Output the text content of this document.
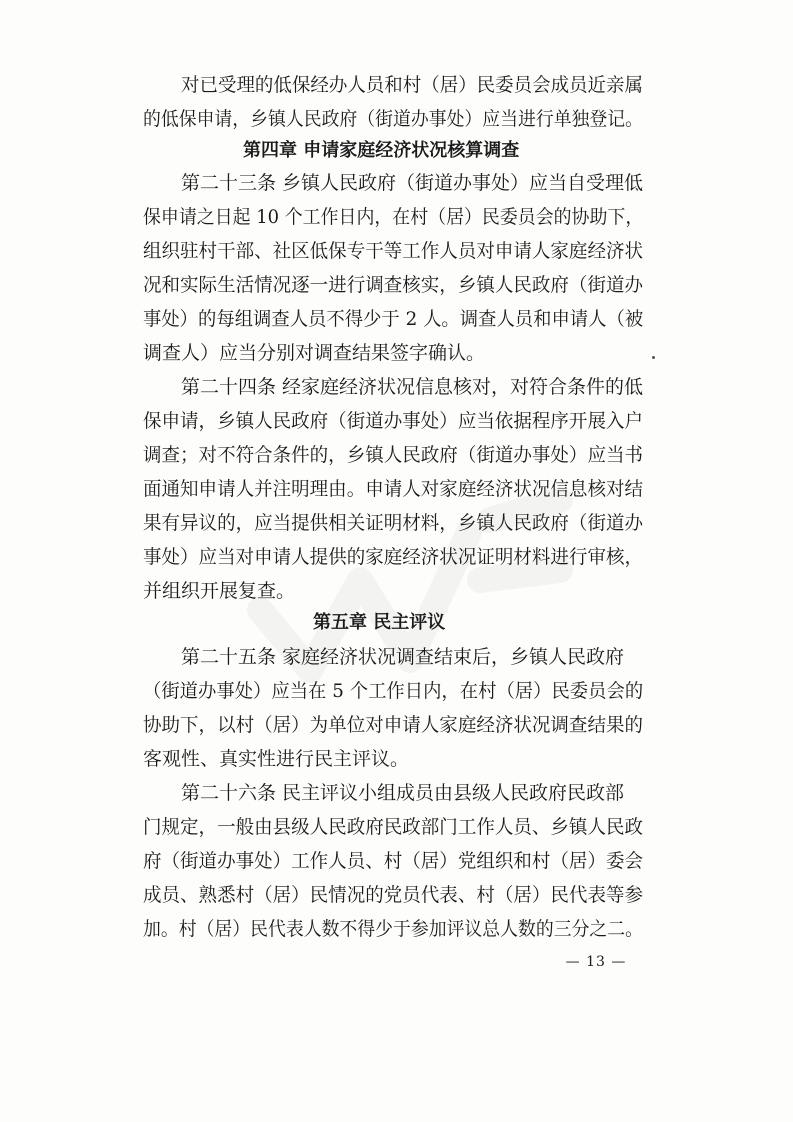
对已受理的低保经办人员和村（居）民委员会成员近亲属
的低保申请，乡镇人民政府（街道办事处）应当进行单独登记。
第四章 申请家庭经济状况核算调查
第二十三条 乡镇人民政府（街道办事处）应当自受理低
保申请之日起 10 个工作日内，在村（居）民委员会的协助下，
组织驻村干部、社区低保专干等工作人员对申请人家庭经济状
况和实际生活情况逐一进行调查核实，乡镇人民政府（街道办
事处）的每组调查人员不得少于 2 人。调查人员和申请人（被
调查人）应当分别对调查结果签字确认。
第二十四条 经家庭经济状况信息核对，对符合条件的低
保申请，乡镇人民政府（街道办事处）应当依据程序开展入户
调查；对不符合条件的，乡镇人民政府（街道办事处）应当书
面通知申请人并注明理由。申请人对家庭经济状况信息核对结
果有异议的，应当提供相关证明材料，乡镇人民政府（街道办
事处）应当对申请人提供的家庭经济状况证明材料进行审核，
并组织开展复查。
第五章 民主评议
第二十五条 家庭经济状况调查结束后，乡镇人民政府
（街道办事处）应当在 5 个工作日内，在村（居）民委员会的
协助下，以村（居）为单位对申请人家庭经济状况调查结果的
客观性、真实性进行民主评议。
第二十六条 民主评议小组成员由县级人民政府民政部
门规定，一般由县级人民政府民政部门工作人员、乡镇人民政
府（街道办事处）工作人员、村（居）党组织和村（居）委会
成员、熟悉村（居）民情况的党员代表、村（居）民代表等参
加。村（居）民代表人数不得少于参加评议总人数的三分之二。
— 13 —
